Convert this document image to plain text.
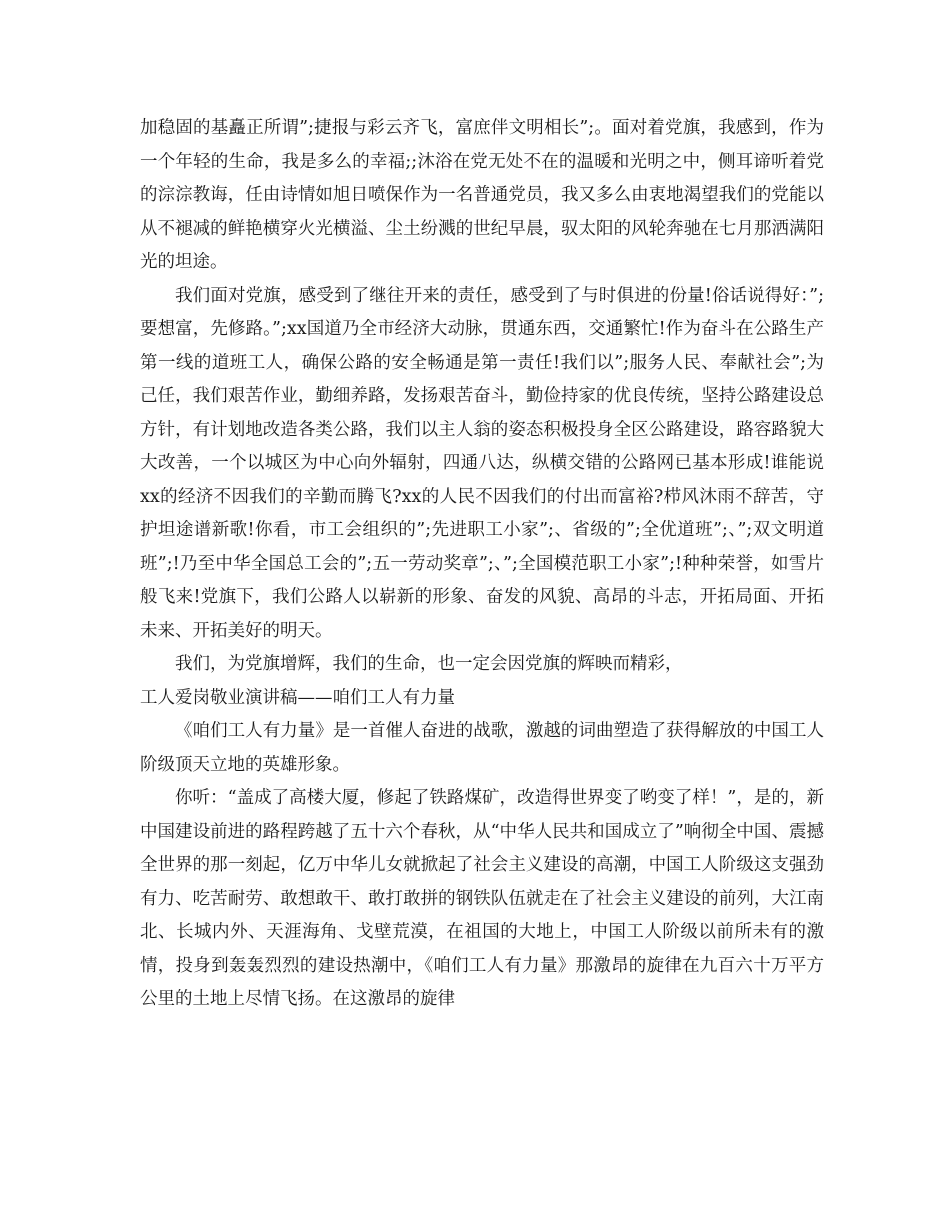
加稳固的基矗正所谓”;捷报与彩云齐飞，富庶伴文明相长”;。面对着党旗，我感到，作为一个年轻的生命，我是多么的幸福;;沐浴在党无处不在的温暖和光明之中，侧耳谛听着党的淙淙教诲，任由诗情如旭日喷保作为一名普通党员，我又多么由衷地渴望我们的党能以从不褪减的鲜艳横穿火光横溢、尘土纷溅的世纪早晨，驭太阳的风轮奔驰在七月那洒满阳光的坦途。

我们面对党旗，感受到了继往开来的责任，感受到了与时俱进的份量!俗话说得好：”;要想富，先修路。”;xx国道乃全市经济大动脉，贯通东西，交通繁忙!作为奋斗在公路生产第一线的道班工人，确保公路的安全畅通是第一责任!我们以”;服务人民、奉献社会”;为己任，我们艰苦作业，勤细养路，发扬艰苦奋斗，勤俭持家的优良传统，坚持公路建设总方针，有计划地改造各类公路，我们以主人翁的姿态积极投身全区公路建设，路容路貌大大改善，一个以城区为中心向外辐射，四通八达，纵横交错的公路网已基本形成!谁能说xx的经济不因我们的辛勤而腾飞?xx的人民不因我们的付出而富裕?栉风沐雨不辞苦，守护坦途谱新歌!你看，市工会组织的”;先进职工小家”;、省级的”;全优道班”;、”;双文明道班”;!乃至中华全国总工会的”;五一劳动奖章”;、”;全国模范职工小家”;!种种荣誉，如雪片般飞来!党旗下，我们公路人以崭新的形象、奋发的风貌、高昂的斗志，开拓局面、开拓未来、开拓美好的明天。

我们，为党旗增辉，我们的生命，也一定会因党旗的辉映而精彩，

工人爱岗敬业演讲稿——咱们工人有力量

《咱们工人有力量》是一首催人奋进的战歌，激越的词曲塑造了获得解放的中国工人阶级顶天立地的英雄形象。

你听：“盖成了高楼大厦，修起了铁路煤矿，改造得世界变了哟变了样！”，是的，新中国建设前进的路程跨越了五十六个春秋，从“中华人民共和国成立了”响彻全中国、震撼全世界的那一刻起，亿万中华儿女就掀起了社会主义建设的高潮，中国工人阶级这支强劲有力、吃苦耐劳、敢想敢干、敢打敢拼的钢铁队伍就走在了社会主义建设的前列，大江南北、长城内外、天涯海角、戈壁荒漠，在祖国的大地上，中国工人阶级以前所未有的激情，投身到轰轰烈烈的建设热潮中，《咱们工人有力量》那激昂的旋律在九百六十万平方公里的土地上尽情飞扬。在这激昂的旋律
